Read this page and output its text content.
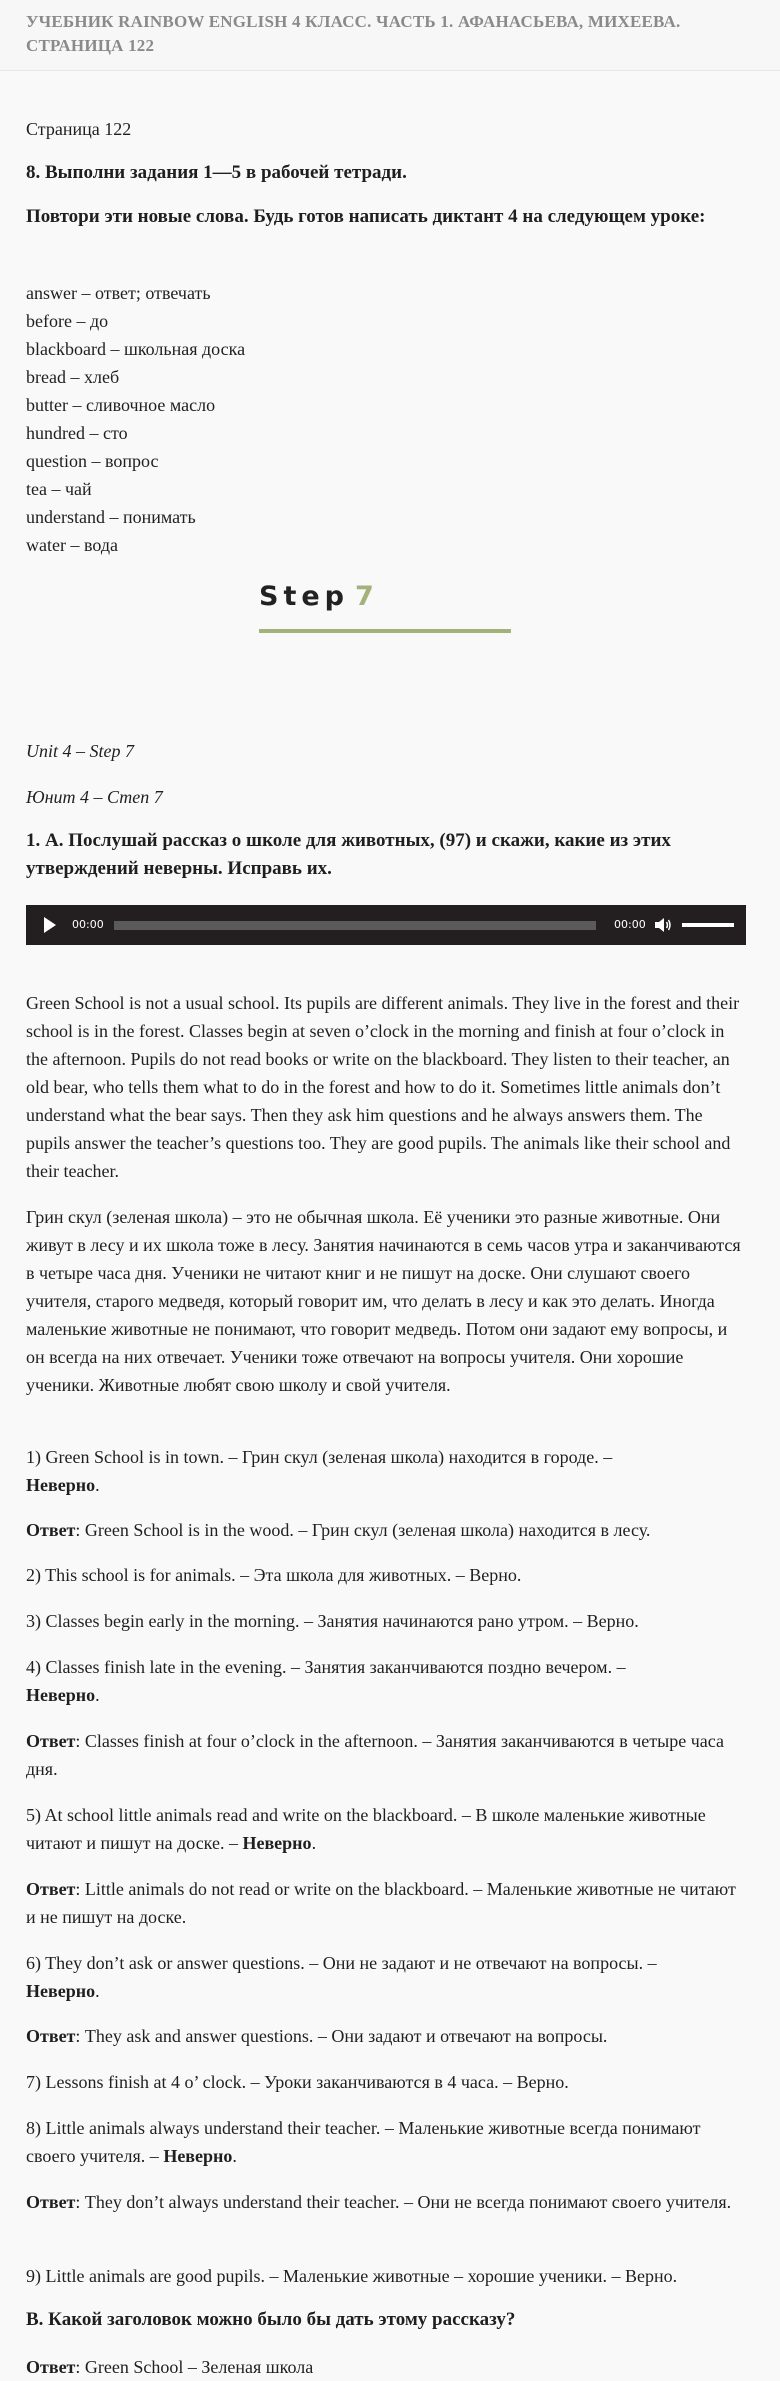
УЧЕБНИК RAINBOW ENGLISH 4 КЛАСС. ЧАСТЬ 1. АФАНАСЬЕВА, МИХЕЕВА. СТРАНИЦА 122

Страница 122

8. Выполни задания 1—5 в рабочей тетради.

Повтори эти новые слова. Будь готов написать диктант 4 на следующем уроке:

answer – ответ; отвечать
before – до
blackboard – школьная доска
bread – хлеб
butter – сливочное масло
hundred – сто
question – вопрос
tea – чай
understand – понимать
water – вода
Step 7

Unit 4 – Step 7

Юнит 4 – Степ 7

1. А. Послушай рассказ о школе для животных, (97) и скажи, какие из этих утверждений неверны. Исправь их.

00:00	00:00

Green School is not a usual school. Its pupils are different animals. They live in the forest and their school is in the forest. Classes begin at seven o’clock in the morning and finish at four o’clock in the afternoon. Pupils do not read books or write on the blackboard. They listen to their teacher, an old bear, who tells them what to do in the forest and how to do it. Sometimes little animals don’t understand what the bear says. Then they ask him questions and he always answers them. The pupils answer the teacher’s questions too. They are good pupils. The animals like their school and their teacher.

Грин скул (зеленая школа) – это не обычная школа. Её ученики это разные животные. Они живут в лесу и их школа тоже в лесу. Занятия начинаются в семь часов утра и заканчиваются в четыре часа дня. Ученики не читают книг и не пишут на доске. Они слушают своего учителя, старого медведя, который говорит им, что делать в лесу и как это делать. Иногда маленькие животные не понимают, что говорит медведь. Потом они задают ему вопросы, и он всегда на них отвечает. Ученики тоже отвечают на вопросы учителя. Они хорошие ученики. Животные любят свою школу и свой учителя.

1) Green School is in town. – Грин скул (зеленая школа) находится в городе. –
Неверно.

Ответ: Green School is in the wood. – Грин скул (зеленая школа) находится в лесу.

2) This school is for animals. – Эта школа для животных. – Верно.

3) Classes begin early in the morning. – Занятия начинаются рано утром. – Верно.

4) Classes finish late in the evening. – Занятия заканчиваются поздно вечером. –
Неверно.

Ответ: Classes finish at four o’clock in the afternoon. – Занятия заканчиваются в четыре часа дня.

5) At school little animals read and write on the blackboard. – В школе маленькие животные читают и пишут на доске. – Неверно.

Ответ: Little animals do not read or write on the blackboard. – Маленькие животные не читают и не пишут на доске.

6) They don’t ask or answer questions. – Они не задают и не отвечают на вопросы. –
Неверно.

Ответ: They ask and answer questions. – Они задают и отвечают на вопросы.

7) Lessons finish at 4 o’ clock. – Уроки заканчиваются в 4 часа. – Верно.

8) Little animals always understand their teacher. – Маленькие животные всегда понимают своего учителя. – Неверно.

Ответ: They don’t always understand their teacher. – Они не всегда понимают своего учителя.

9) Little animals are good pupils. – Маленькие животные – хорошие ученики. – Верно.

B. Какой заголовок можно было бы дать этому рассказу?

Ответ: Green School – Зеленая школа
